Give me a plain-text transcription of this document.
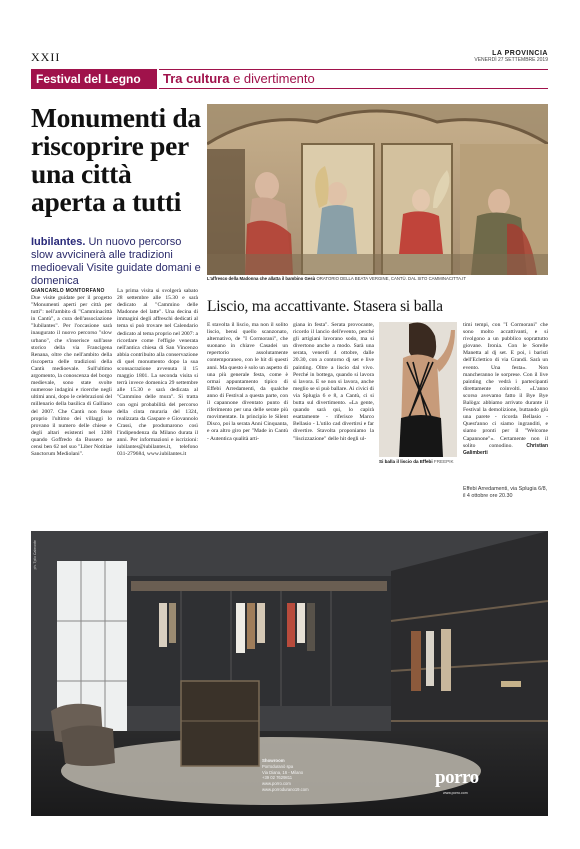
XXII	LA PROVINCIA
VENERDÌ 27 SETTEMBRE 2019
Festival del Legno	Tra cultura e divertimento
Monumenti da riscoprire per una città aperta a tutti
Iubilantes. Un nuovo percorso slow avvicinerà alle tradizioni medioevali Visite guidate domani e domenica	L'affresco della Madonna che allatta il bambino Gesù ORATORIO DELLA BEATA VERGINE, CANTÙ. DAL SITO CAMMINACITTA.IT
GIANCARLO MONTORFANO
Due visite guidate per il progetto "Monumenti aperti per città per tutti": nell'ambito di "Camminacittà in Cantù", a cura dell'associazione "Iubilantes". Per l'occasione sarà inaugurato il nuovo percorso "slow urbano", che s'inserisce sull'asse storico della via Francigena Renana, oltre che nell'ambito della riscoperta delle tradizioni della Cantù medioevale. Sull'ultimo argomento, la conoscenza del borgo medievale, sono state svolte numerose indagini e ricerche negli ultimi anni, dopo le celebrazioni del millenario della basilica di Galliano del 2007. Che Cantù non fosse proprio l'ultimo dei villaggi lo provano il numero delle chiese e degli altari esistenti nel 1288 quando Goffredo da Bussero ne censì ben 62 nel suo "Liber Notitiae Sanctorum Mediolani".
La prima visita si svolgerà sabato 28 settembre alle 15.30 e sarà dedicato al "Cammino delle Madonne del latte". Una decina di immagini degli affreschi dedicati al tema si può trovare nel Calendario dedicato al tema proprio nel 2007: a ricordare come l'effigie venerata nell'antica chiesa di San Vincenzo abbia contribuito alla conservazione di quel monumento dopo la sua sconsacrazione avvenuta il 15 maggio 1801. La seconda visita si terrà invece domenica 29 settembre alle 15.30 e sarà dedicata al "Cammino delle mura". Si tratta con ogni probabilità del percorso della cinta muraria del 1324, realizzata da Gaspare e Giovannolo Crassi, che produmarono così l'indipendenza da Milano durata il anni. Per informazioni e iscrizioni: iubilantes@iubilantes.it, telefono 031-279684, www.iubilantes.it
Liscio, ma accattivante. Stasera si balla
È stavolta il liscio, ma non il solito liscio, bensì quello scanzonato, alternativo, de "I Cormorani", che suonano in chiave Casadei un repertorio assolutamente contemporaneo, con le hit di questi anni. Ma questo è solo un aspetto di una più generale festa, come è ormai appuntamento tipico di Effebi Arredamenti, da qualche anno di Festival a questa parte, con il capannone diventato punto di riferimento per una delle serate più movimentate. In principio le Silent Disco, poi la serata Anni Cinquanta, e ora altro giro per "Made in Cantù - Autentica qualità arti-
giana in festa". Serata provocante, ricordo il lancio dell'evento, perché gli artigiani lavorano sodo, ma si divertono anche a modo. Sarà una serata, venerdì 4 ottobre, dalle 20.30, con a contorno dj set e live painting. Oltre a liscio dal vivo. Perché in bottega, quando si lavora si lavora. E se non si lavora, anche meglio se si può ballare. Ai civici di via Splugia 6 e 8, a Cantù, ci si butta sul divertimento. «La gente, quando sarà qui, lo capirà esattamente - riferisce Marco Bellasio - L'utilo cad divertirsi e far divertire. Stavolta proponiamo la "liscizzazione" delle hit degli ul-
Si balla il liscio da Effebi FREEPIK
timi tempi, con "I Cormorani" che sono molto accattivanti, e si rivolgono a un pubblico soprattutto giovane. Ironia. Con le Sorelle Manetta al dj set. E poi, i baristi dell'Eclettico di via Grandi. Sarà un evento. Una festa». Non mancheranno le sorprese. Con il live painting che vedrà i partecipanti direttamente coinvolti. «L'anno scorso avevamo fatto il Bye Bye Balòga: abbiamo arrivato durante il Festival la demolizione, buttando giù una parete - ricorda Bellasio - Quest'anno ci siamo ingranditi, e siamo pronti per il "Welcome Capannone"». Certamente non il solito comodino.	Christian Galimberti
Effebi Arredamenti, via Splugia 6/8, il 4 ottobre ore 20.30
ph. Tpilo Calmonte
Showroom
Porroduranò spa
Via Diana, 16 - Milano
+39 02 7629811
www.porro.com
www.porrodurano19.com
porro
www.porro.com
